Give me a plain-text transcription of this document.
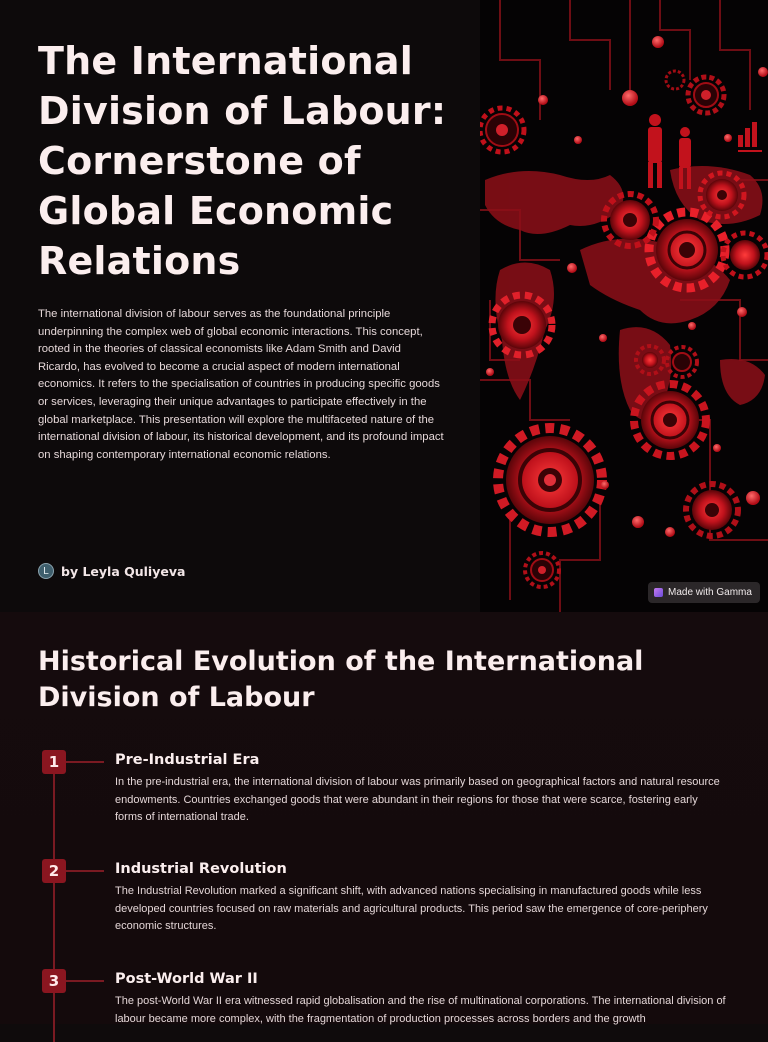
The International Division of Labour: Cornerstone of Global Economic Relations

The international division of labour serves as the foundational principle underpinning the complex web of global economic interactions. This concept, rooted in the theories of classical economists like Adam Smith and David Ricardo, has evolved to become a crucial aspect of modern international economics. It refers to the specialisation of countries in producing specific goods or services, leveraging their unique advantages to participate effectively in the global marketplace. This presentation will explore the multifaceted nature of the international division of labour, its historical development, and its profound impact on shaping contemporary international economic relations.

L by Leyla Quliyeva
Made with Gamma
Historical Evolution of the International Division of Labour
1	Pre-Industrial Era

In the pre-industrial era, the international division of labour was primarily based on geographical factors and natural resource endowments. Countries exchanged goods that were abundant in their regions for those that were scarce, fostering early forms of international trade.

2	Industrial Revolution

The Industrial Revolution marked a significant shift, with advanced nations specialising in manufactured goods while less developed countries focused on raw materials and agricultural products. This period saw the emergence of core-periphery economic structures.

3	Post-World War II

The post-World War II era witnessed rapid globalisation and the rise of multinational corporations. The international division of labour became more complex, with the fragmentation of production processes across borders and the growth
